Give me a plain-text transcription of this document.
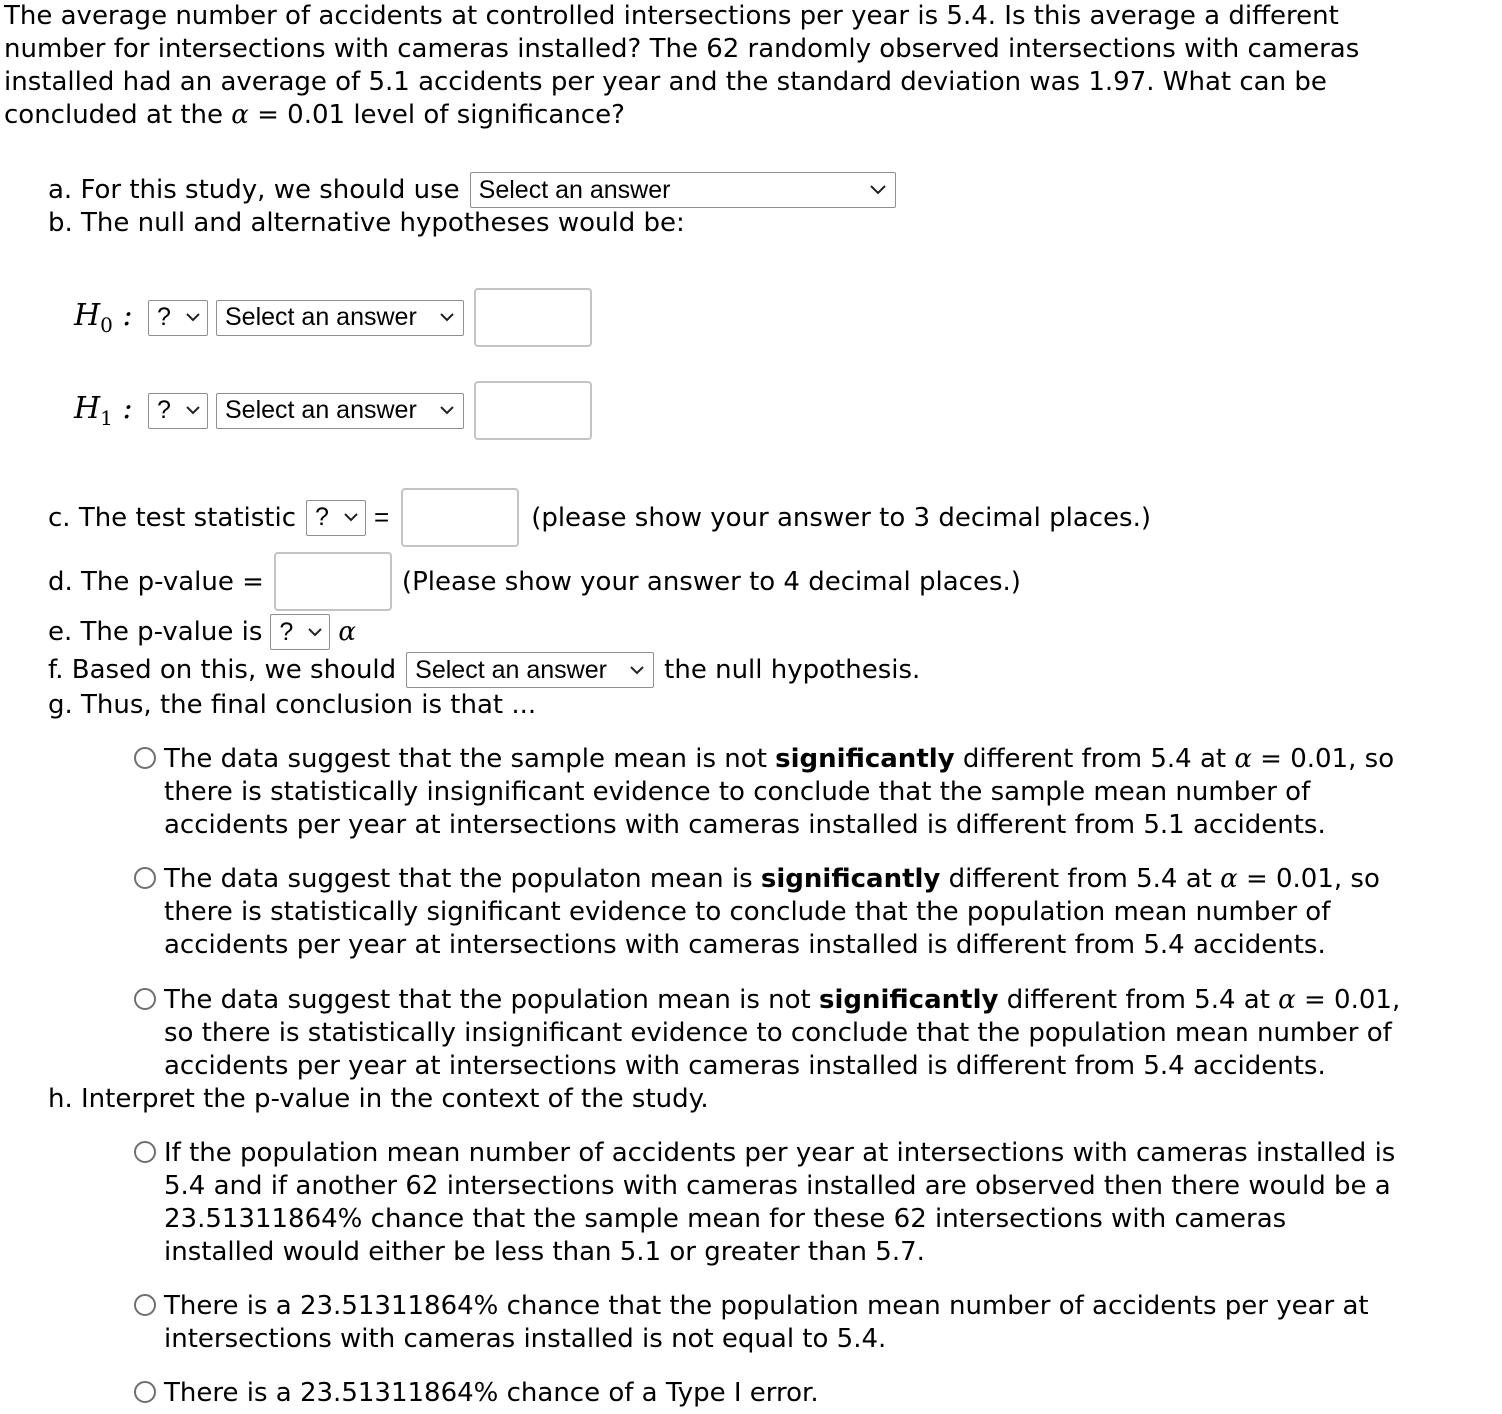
The average number of accidents at controlled intersections per year is 5.4. Is this average a different number for intersections with cameras installed? The 62 randomly observed intersections with cameras installed had an average of 5.1 accidents per year and the standard deviation was 1.97. What can be concluded at the α = 0.01 level of significance?
a. For this study, we should use Select an answer
b. The null and alternative hypotheses would be:
$H_0$ : ? Select an answer
$H_1$ : ? Select an answer
c. The test statistic ? =	(please show your answer to 3 decimal places.)
d. The p-value =	(Please show your answer to 4 decimal places.)
e. The p-value is ? α
f. Based on this, we should Select an answer the null hypothesis.
g. Thus, the final conclusion is that ...
The data suggest that the sample mean is not significantly different from 5.4 at α = 0.01, so there is statistically insignificant evidence to conclude that the sample mean number of accidents per year at intersections with cameras installed is different from 5.1 accidents.
The data suggest that the populaton mean is significantly different from 5.4 at α = 0.01, so there is statistically significant evidence to conclude that the population mean number of accidents per year at intersections with cameras installed is different from 5.4 accidents.
The data suggest that the population mean is not significantly different from 5.4 at α = 0.01, so there is statistically insignificant evidence to conclude that the population mean number of accidents per year at intersections with cameras installed is different from 5.4 accidents.
h. Interpret the p-value in the context of the study.
If the population mean number of accidents per year at intersections with cameras installed is 5.4 and if another 62 intersections with cameras installed are observed then there would be a 23.51311864% chance that the sample mean for these 62 intersections with cameras installed would either be less than 5.1 or greater than 5.7.
There is a 23.51311864% chance that the population mean number of accidents per year at intersections with cameras installed is not equal to 5.4.
There is a 23.51311864% chance of a Type I error.
